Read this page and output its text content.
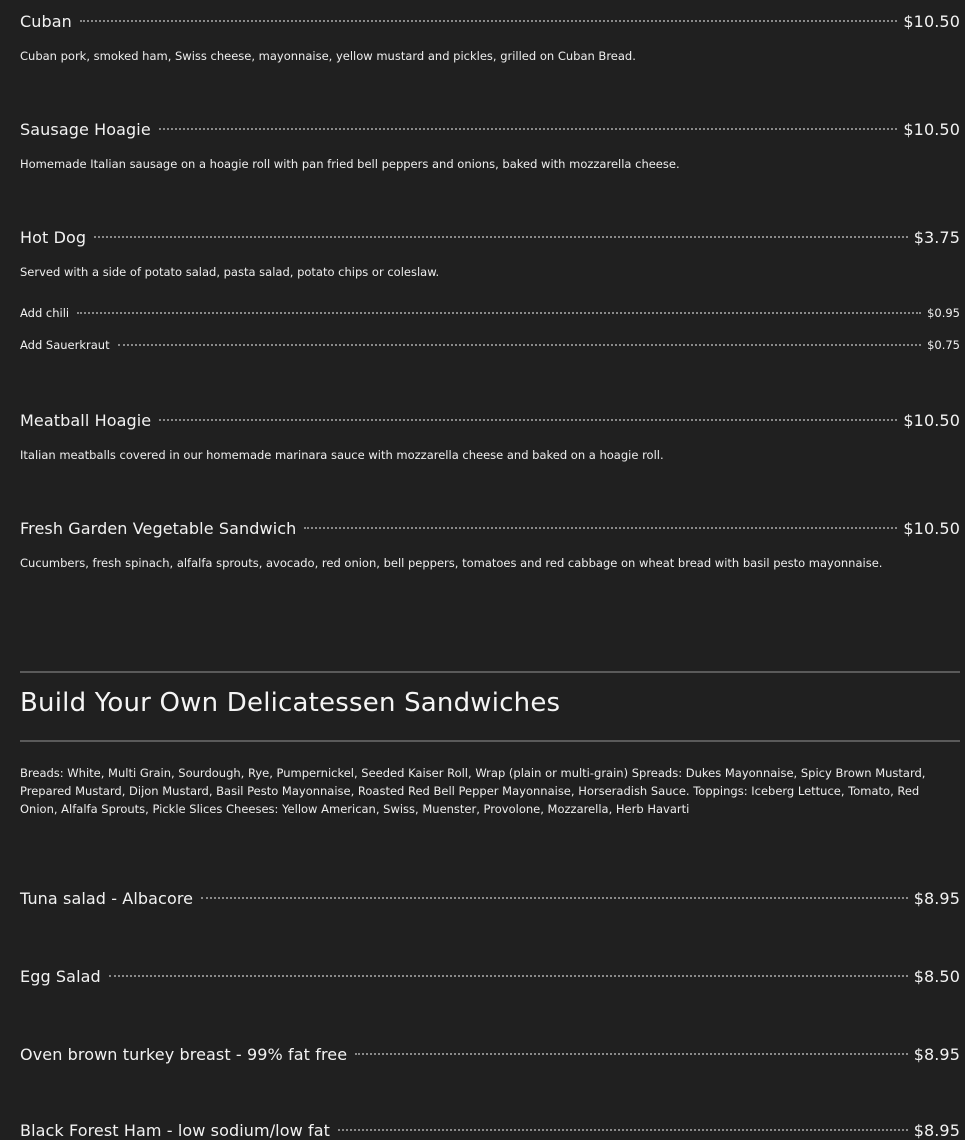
Cuban	$10.50

Cuban pork, smoked ham, Swiss cheese, mayonnaise, yellow mustard and pickles, grilled on Cuban Bread.

Sausage Hoagie	$10.50

Homemade Italian sausage on a hoagie roll with pan fried bell peppers and onions, baked with mozzarella cheese.

Hot Dog	$3.75

Served with a side of potato salad, pasta salad, potato chips or coleslaw.

Add chili	$0.95
Add Sauerkraut	$0.75
Meatball Hoagie	$10.50

Italian meatballs covered in our homemade marinara sauce with mozzarella cheese and baked on a hoagie roll.

Fresh Garden Vegetable Sandwich	$10.50

Cucumbers, fresh spinach, alfalfa sprouts, avocado, red onion, bell peppers, tomatoes and red cabbage on wheat bread with basil pesto mayonnaise.

Build Your Own Delicatessen Sandwiches

Breads: White, Multi Grain, Sourdough, Rye, Pumpernickel, Seeded Kaiser Roll, Wrap (plain or multi-grain) Spreads: Dukes Mayonnaise, Spicy Brown Mustard, Prepared Mustard, Dijon Mustard, Basil Pesto Mayonnaise, Roasted Red Bell Pepper Mayonnaise, Horseradish Sauce. Toppings: Iceberg Lettuce, Tomato, Red Onion, Alfalfa Sprouts, Pickle Slices Cheeses: Yellow American, Swiss, Muenster, Provolone, Mozzarella, Herb Havarti

Tuna salad - Albacore	$8.95
Egg Salad	$8.50
Oven brown turkey breast - 99% fat free	$8.95
Black Forest Ham - low sodium/low fat	$8.95
